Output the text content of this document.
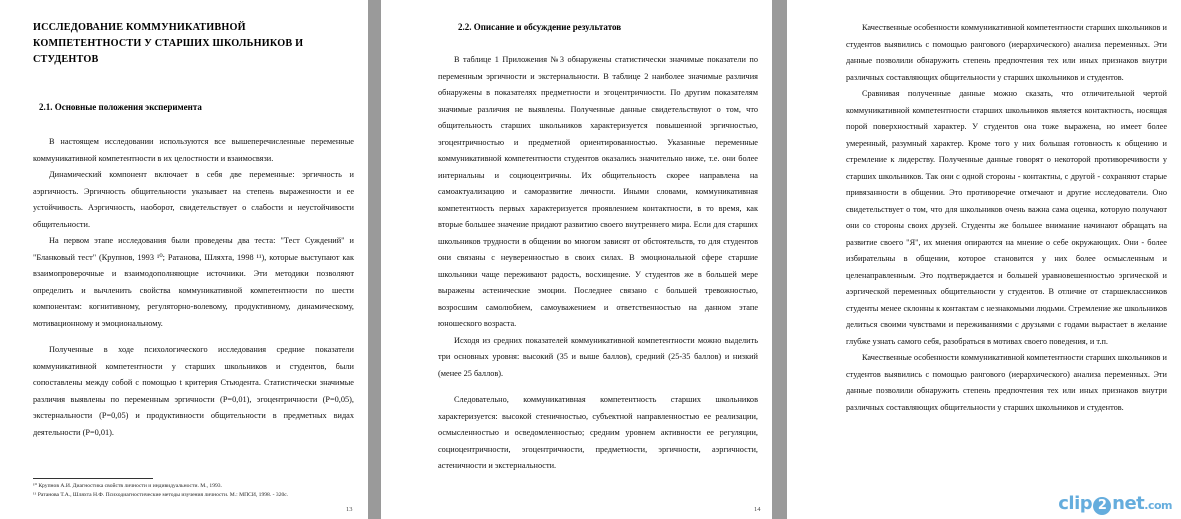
ИССЛЕДОВАНИЕ КОММУНИКАТИВНОЙ КОМПЕТЕНТНОСТИ У СТАРШИХ ШКОЛЬНИКОВ И СТУДЕНТОВ
2.1. Основные положения эксперимента

В настоящем исследовании используются все вышеперечисленные переменные коммуникативной компетентности в их целостности и взаимосвязи.

Динамический компонент включает в себя две переменные: эргичность и аэргичность. Эргичность общительности указывает на степень выраженности и ее устойчивость. Аэргичность, наоборот, свидетельствует о слабости и неустойчивости общительности.

На первом этапе исследования были проведены два теста: "Тест Суждений" и "Бланковый тест" (Крупнов, 1993 ¹⁰; Ратанова, Шляхта, 1998 ¹¹), которые выступают как взаимопроверочные и взаимодополняющие источники. Эти методики позволяют определить и вычленить свойства коммуникативной компетентности по шести компонентам: когнитивному, регуляторно-волевому, продуктивному, динамическому, мотивационному и эмоциональному.

Полученные в ходе психологического исследования средние показатели коммуникативной компетентности у старших школьников и студентов, были сопоставлены между собой с помощью t критерия Стьюдента. Статистически значимые различия выявлены по переменным эргичности (P=0,01), эгоцентричности (P=0,05), экстернальности (P=0,05) и продуктивности общительности в предметных видах деятельности (P=0,01).

¹⁰ Крупнов А.И. Диагностика свойств личности и индивидуальности. М., 1993.
¹¹ Ратанова Т.А., Шляхта Н.Ф. Психодиагностические методы изучения личности. М.: МПСИ, 1998. - 320с.
13
2.2. Описание и обсуждение результатов

В таблице 1 Приложения №3 обнаружены статистически значимые показатели по переменным эргичности и экстернальности. В таблице 2 наиболее значимые различия обнаружены в показателях предметности и эгоцентричности. По другим показателям значимые различия не выявлены. Полученные данные свидетельствуют о том, что общительность старших школьников характеризуется повышенной эргичностью, эгоцентричностью и предметной ориентированностью. Указанные переменные коммуникативной компетентности студентов оказались значительно ниже, т.е. они более интернальны и социоцентричны. Их общительность скорее направлена на самоактуализацию и саморазвитие личности. Иными словами, коммуникативная компетентность первых характеризуется проявлением контактности, в то время, как вторые большее значение придают развитию своего внутреннего мира. Если для старших школьников трудности в общении во многом зависят от обстоятельств, то для студентов они связаны с неуверенностью в своих силах. В эмоциональной сфере старшие школьники чаще переживают радость, восхищение. У студентов же в большей мере выражены астенические эмоции. Последнее связано с большей тревожностью, возросшим самолюбием, самоуважением и ответственностью на данном этапе юношеского возраста.

Исходя из средних показателей коммуникативной компетентности можно выделить три основных уровня: высокий (35 и выше баллов), средний (25-35 баллов) и низкий (менее 25 баллов).

Следовательно, коммуникативная компетентность старших школьников характеризуется: высокой стеничностью, субъектной направленностью ее реализации, осмысленностью и осведомленностью; средним уровнем активности ее регуляции, социоцентричности, эгоцентричности, предметности, эргичности, аэргичности, астеничности и экстернальности.

14

Качественные особенности коммуникативной компетентности старших школьников и студентов выявились с помощью рангового (иерархического) анализа переменных. Эти данные позволили обнаружить степень предпочтения тех или иных признаков внутри различных составляющих общительности у старших школьников и студентов.

Сравнивая полученные данные можно сказать, что отличительной чертой коммуникативной компетентности старших школьников является контактность, носящая порой поверхностный характер. У студентов она тоже выражена, но имеет более умеренный, разумный характер. Кроме того у них большая готовность к общению и стремление к лидерству. Полученные данные говорят о некоторой противоречивости у старших школьников. Так они с одной стороны - контактны, с другой - сохраняют старые привязанности в общении. Это противоречие отмечают и другие исследователи. Оно свидетельствует о том, что для школьников очень важна сама оценка, которую получают они со стороны своих друзей. Студенты же большее внимание начинают обращать на развитие своего "Я", их мнения опираются на мнение о себе окружающих. Они - более избирательны в общении, которое становится у них более осмысленным и целенаправленным. Это подтверждается и большей уравновешенностью эргической и аэргической переменных общительности у студентов. В отличие от старшеклассников студенты менее склонны к контактам с незнакомыми людьми. Стремление же школьников делиться своими чувствами и переживаниями с друзьями с годами вырастает в желание глубже узнать самого себя, разобраться в мотивах своего поведения, и т.п.

Качественные особенности коммуникативной компетентности старших школьников и студентов выявились с помощью рангового (иерархического) анализа переменных. Эти данные позволили обнаружить степень предпочтения тех или иных признаков внутри различных составляющих общительности у старших школьников и студентов.

clip 2 net.com
